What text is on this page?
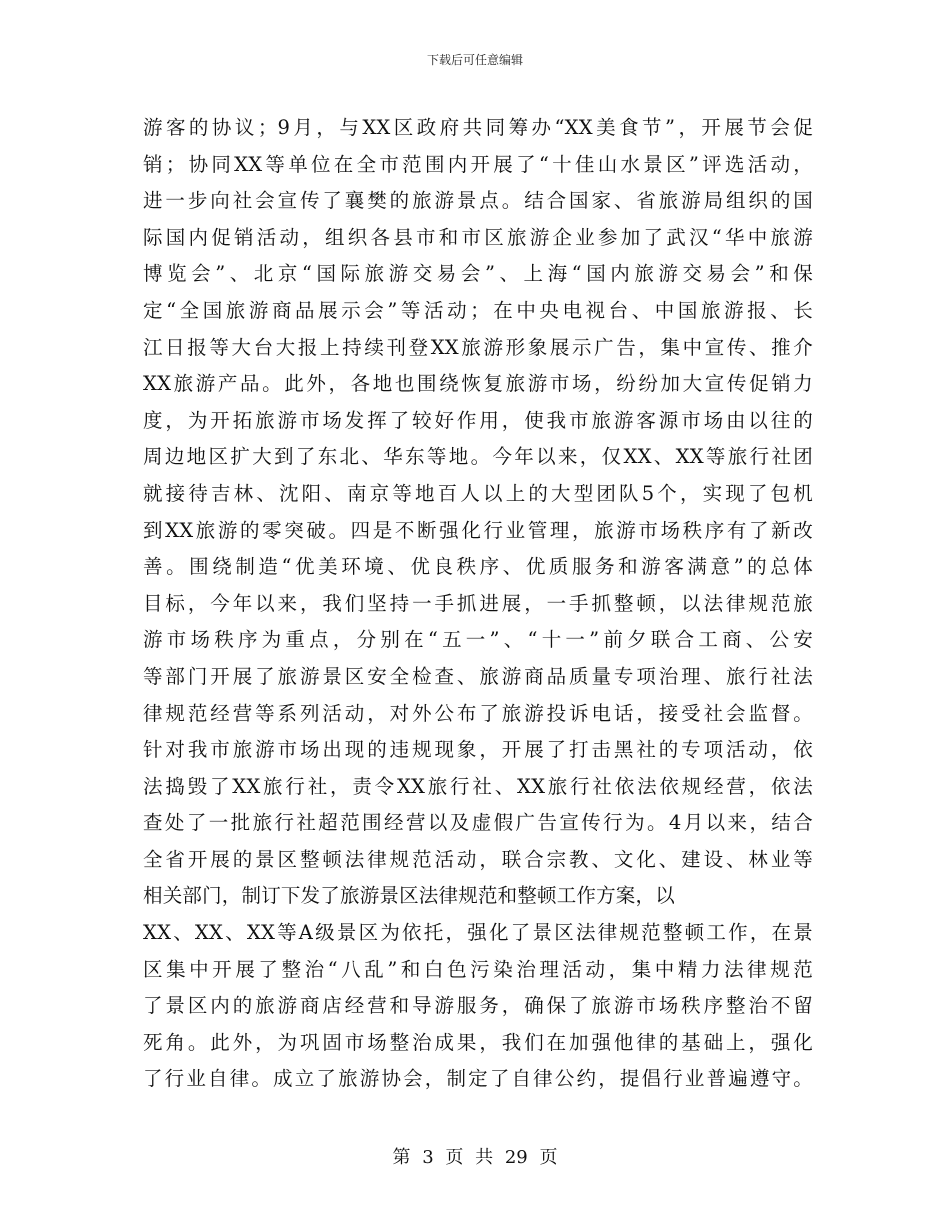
下载后可任意编辑
游客的协议；9月，与XX区政府共同筹办“XX美食节”，开展节会促
销；协同XX等单位在全市范围内开展了“十佳山水景区”评选活动，
进一步向社会宣传了襄樊的旅游景点。结合国家、省旅游局组织的国
际国内促销活动，组织各县市和市区旅游企业参加了武汉“华中旅游
博览会”、北京“国际旅游交易会”、上海“国内旅游交易会”和保
定“全国旅游商品展示会”等活动；在中央电视台、中国旅游报、长
江日报等大台大报上持续刊登XX旅游形象展示广告，集中宣传、推介
XX旅游产品。此外，各地也围绕恢复旅游市场，纷纷加大宣传促销力
度，为开拓旅游市场发挥了较好作用，使我市旅游客源市场由以往的
周边地区扩大到了东北、华东等地。今年以来，仅XX、XX等旅行社团
就接待吉林、沈阳、南京等地百人以上的大型团队5个，实现了包机
到XX旅游的零突破。四是不断强化行业管理，旅游市场秩序有了新改
善。围绕制造“优美环境、优良秩序、优质服务和游客满意”的总体
目标，今年以来，我们坚持一手抓进展，一手抓整顿，以法律规范旅
游市场秩序为重点，分别在“五一”、“十一”前夕联合工商、公安
等部门开展了旅游景区安全检查、旅游商品质量专项治理、旅行社法
律规范经营等系列活动，对外公布了旅游投诉电话，接受社会监督。
针对我市旅游市场出现的违规现象，开展了打击黑社的专项活动，依
法捣毁了XX旅行社，责令XX旅行社、XX旅行社依法依规经营，依法
查处了一批旅行社超范围经营以及虚假广告宣传行为。4月以来，结合
全省开展的景区整顿法律规范活动，联合宗教、文化、建设、林业等
相关部门，制订下发了旅游景区法律规范和整顿工作方案，以
XX、XX、XX等A级景区为依托，强化了景区法律规范整顿工作，在景
区集中开展了整治“八乱”和白色污染治理活动，集中精力法律规范
了景区内的旅游商店经营和导游服务，确保了旅游市场秩序整治不留
死角。此外，为巩固市场整治成果，我们在加强他律的基础上，强化
了行业自律。成立了旅游协会，制定了自律公约，提倡行业普遍遵守。
第 3 页 共 29 页
